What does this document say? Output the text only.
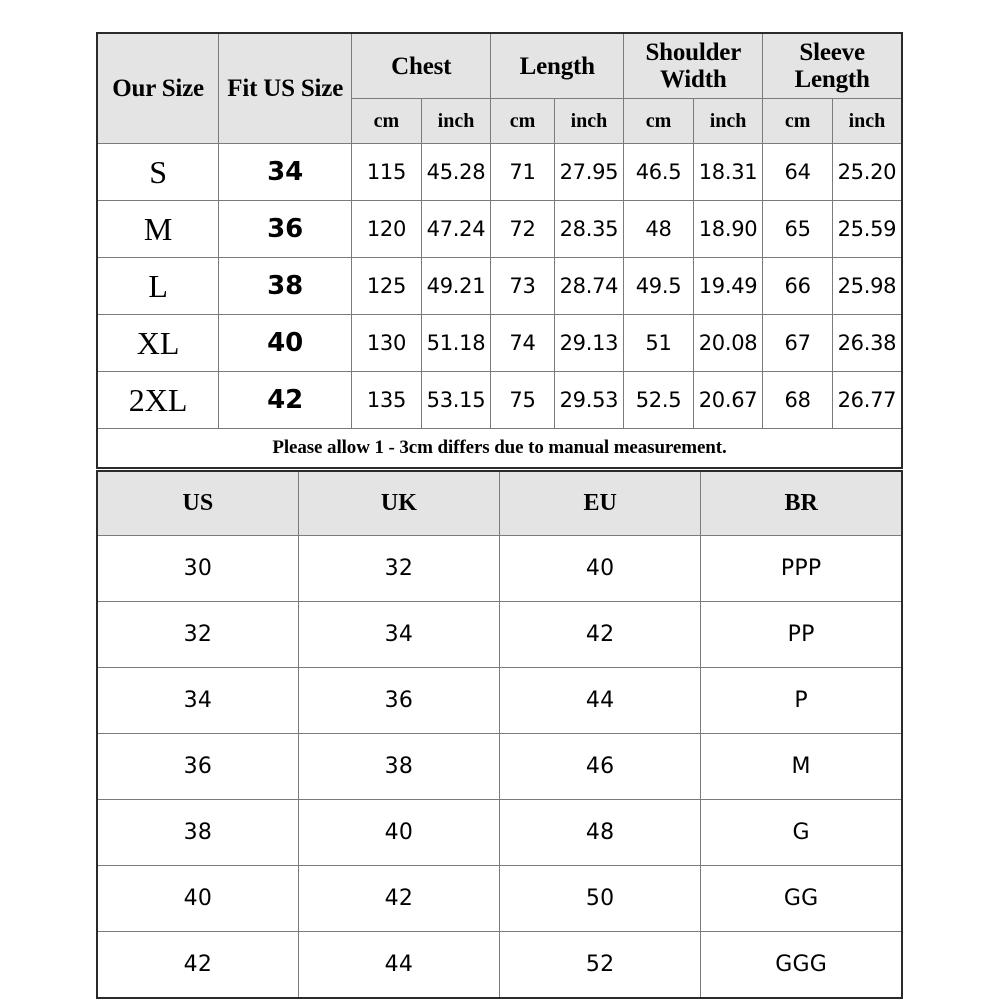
Our Size	Fit US Size	Chest		Length		Shoulder Width		Sleeve Length	
		cm	inch	cm	inch	cm	inch	cm	inch
S	34	115	45.28	71	27.95	46.5	18.31	64	25.20
M	36	120	47.24	72	28.35	48	18.90	65	25.59
L	38	125	49.21	73	28.74	49.5	19.49	66	25.98
XL	40	130	51.18	74	29.13	51	20.08	67	26.38
2XL	42	135	53.15	75	29.53	52.5	20.67	68	26.77
Please allow 1 - 3cm differs due to manual measurement.									
US	UK	EU	BR
30	32	40	PPP
32	34	42	PP
34	36	44	P
36	38	46	M
38	40	48	G
40	42	50	GG
42	44	52	GGG
